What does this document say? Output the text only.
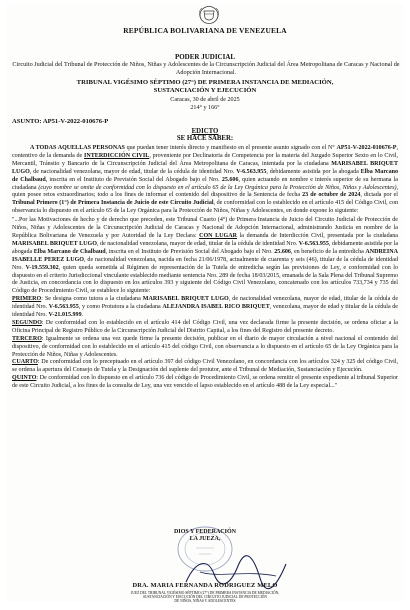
REPÚBLICA BOLIVARIANA DE VENEZUELA
PODER JUDICIAL
Circuito Judicial del Tribunal de Protección de Niños, Niñas y Adolescentes de la Circunscripción Judicial del Área Metropolitana de Caracas y Nacional de Adopción Internacional.
TRIBUNAL VIGÉSIMO SÉPTIMO (27°) DE PRIMERA INSTANCIA DE MEDIACIÓN,
SUSTANCIACIÓN Y EJECUCIÓN
Caracas, 30 de abril de 2025
214° y 166°
ASUNTO: AP51-V-2022-010676-P
EDICTO
SE HACE SABER:

A TODAS AQUELLAS PERSONAS que puedan tener interés directo y manifiesto en el presente asunto signado con el N° AP51-V-2022-010676-P, contentivo de la demanda de INTERDICCIÓN CIVIL, proveniente por Declinatoria de Competencia por la materia del Juzgado Superior Sexto en lo Civil, Mercantil, Tránsito y Bancario de la Circunscripción Judicial del Área Metropolitana de Caracas, intentada por la ciudadana MARISABEL BRIQUET LUGO, de nacionalidad venezolana, mayor de edad, titular de la cédula de identidad Nro. V-6.563.955, debidamente asistida por la abogada Elba Marcano de Chalbaud, inscrita en el Instituto de Previsión Social del Abogado bajo el Nro. 25.606, quien actuando en nombre e interés superior de su hermana la ciudadana (cuyo nombre se omite de conformidad con lo dispuesto en el artículo 65 de la Ley Orgánica para la Protección de Niños, Niñas y Adolescentes), quien posee retos extraordinarios; todo a los fines de informar el contenido del dispositivo de la Sentencia de fecha 23 de octubre de 2024, dictada por el Tribunal Primero (1°) de Primera Instancia de Juicio de este Circuito Judicial, de conformidad con lo establecido en el artículo 415 del Código Civil, con observancia lo dispuesto en el artículo 65 de la Ley Orgánica para la Protección de Niños, Niñas y Adolescentes, en donde expone lo siguiente:

"...Por las Motivaciones de hecho y de derecho que preceden, este Tribunal Cuarto (4°) de Primera Instancia de Juicio del Circuito Judicial de Protección de Niños, Niñas y Adolescentes de la Circunscripción Judicial de Caracas y Nacional de Adopción Internacional, administrando Justicia en nombre de la República Bolivariana de Venezuela y por Autoridad de la Ley Declara: CON LUGAR la demanda de Interdicción Civil, presentada por la ciudadana MARISABEL BRIQUET LUGO, de nacionalidad venezolana, mayor de edad, titular de la cédula de identidad Nro. V-6.563.955, debidamente asistida por la abogada Elba Marcano de Chalbaud, inscrita en el Instituto de Previsión Social del Abogado bajo el Nro. 25.606, en beneficio de la entredicha ANDREINA ISABELLE PEREZ LUGO, de nacionalidad venezolana, nacida en fecha 21/06/1978, actualmente de cuarenta y seis (46), titular de la cédula de identidad Nro. V-19.559.302, quien queda sometida al Régimen de representación de la Tutela de entredicha según las previsiones de Ley, e conformidad con lo dispuesto en el criterio Jurisdiccional vinculante establecido mediante sentencia Nro. 289 de fecha 18/03/2015, emanada de la Sala Plena del Tribunal Supremo de Justicia, en concordancia con lo dispuesto en los artículos 393 y siguiente del Código Civil Venezolano, concatenado con los artículos 733,734 y 735 del Código de Procedimiento Civil, se establece lo siguiente:

PRIMERO: Se designa como tutora a la ciudadana MARISABEL BRIQUET LUGO, de nacionalidad venezolana, mayor de edad, titular de la cédula de identidad Nro. V-6.563.955, y como Protutora a la ciudadana ALEJANDRA ISABEL RICO BRIQUET, venezolana, mayor de edad y titular de la cédula de identidad Nro. V-21.015.999.

SEGUNDO: De conformidad con lo establecido en el artículo 414 del Código Civil, una vez declarada firme la presente decisión, se ordena oficiar a la Oficina Principal de Registro Público de la Circunscripción Judicial del Distrito Capital, a los fines del Registro del presente decreto.

TERCERO: Igualmente se ordena una vez quede firme la presente decisión, publicar en el diario de mayor circulación a nivel nacional el contenido del dispositivo, de conformidad con lo establecido en el artículo 415 del código Civil, con observancia a lo dispuesto en el artículo 65 de la Ley Orgánica para la Protección de Niños, Niñas y Adolescentes.

CUARTO: De conformidad con lo preceptuado en el artículo 397 del código Civil Venezolano, en concordancia con los artículos 324 y 325 del código Civil, se ordena la apertura del Consejo de Tutela y la Designación del suplente del protutor, ante el Tribunal de Mediación, Sustanciación y Ejecución.

QUINTO: De conformidad con lo dispuesto en el artículo 736 del código de Procedimiento Civil, se ordena remitir el presente expediente al tribunal Superior de este Circuito Judicial, a los fines de la consulta de Ley, una vez vencido el lapso establecido en el artículo 488 de la Ley especial..."

DIOS Y FEDERACIÓN
LA JUEZA,
DRA. MARIA FERNANDA RODRIGUEZ MELO
JUEZ DEL TRIBUNAL VIGÉSIMO SÉPTIMO (27°) DE PRIMERA INSTANCIA DE MEDIACIÓN,
SUSTANCIACIÓN Y EJECUCIÓN DEL CIRCUITO JUDICIAL DE PROTECCIÓN
DE NIÑOS, NIÑAS Y ADOLESCENTES
